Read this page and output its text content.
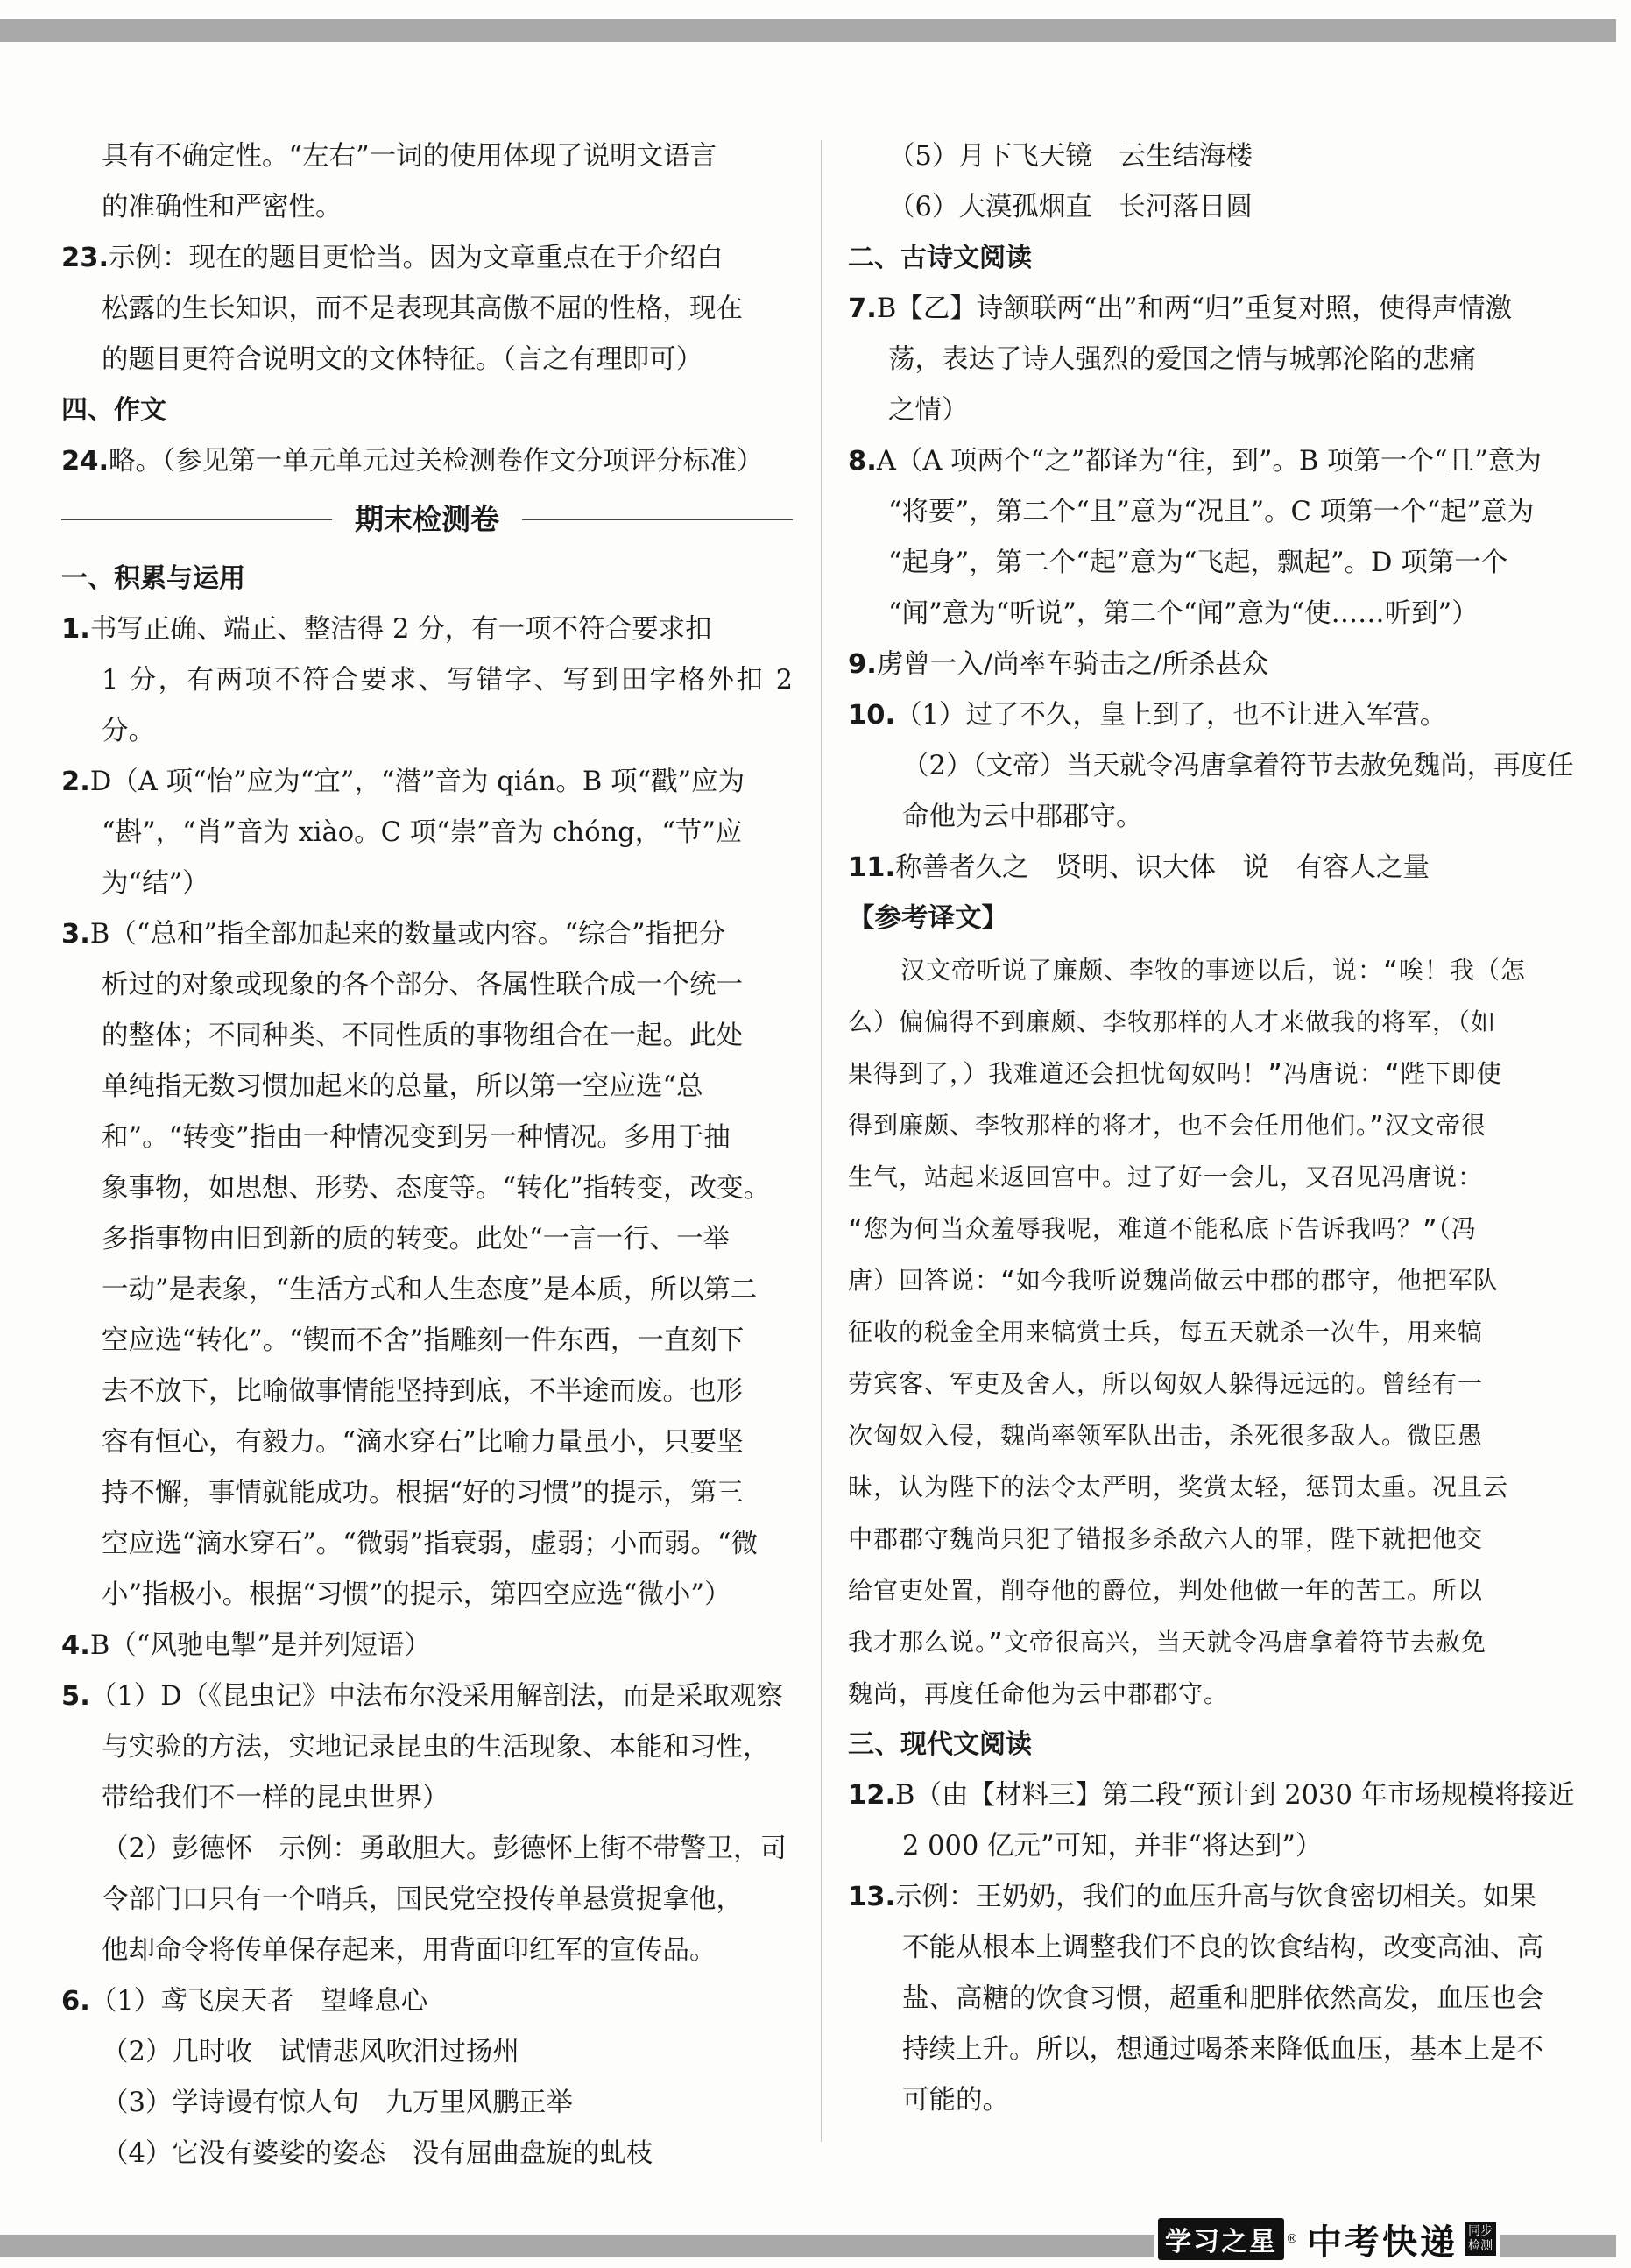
具有不确定性。“左右”一词的使用体现了说明文语言
的准确性和严密性。

23.示例：现在的题目更恰当。因为文章重点在于介绍白
松露的生长知识，而不是表现其高傲不屈的性格，现在
的题目更符合说明文的文体特征。（言之有理即可）

四、作文

24.略。（参见第一单元单元过关检测卷作文分项评分标准）

期末检测卷

一、积累与运用

1.书写正确、端正、整洁得 2 分，有一项不符合要求扣
1 分，有两项不符合要求、写错字、写到田字格外扣 2 分。

2.D（A 项“怡”应为“宜”，“潜”音为 qián。B 项“戳”应为
“斟”，“肖”音为 xiào。C 项“崇”音为 chóng，“节”应
为“结”）

3.B（“总和”指全部加起来的数量或内容。“综合”指把分
析过的对象或现象的各个部分、各属性联合成一个统一
的整体；不同种类、不同性质的事物组合在一起。此处
单纯指无数习惯加起来的总量，所以第一空应选“总
和”。“转变”指由一种情况变到另一种情况。多用于抽
象事物，如思想、形势、态度等。“转化”指转变，改变。
多指事物由旧到新的质的转变。此处“一言一行、一举
一动”是表象，“生活方式和人生态度”是本质，所以第二
空应选“转化”。“锲而不舍”指雕刻一件东西，一直刻下
去不放下，比喻做事情能坚持到底，不半途而废。也形
容有恒心，有毅力。“滴水穿石”比喻力量虽小，只要坚
持不懈，事情就能成功。根据“好的习惯”的提示，第三
空应选“滴水穿石”。“微弱”指衰弱，虚弱；小而弱。“微
小”指极小。根据“习惯”的提示，第四空应选“微小”）

4.B（“风驰电掣”是并列短语）

5.（1）D（《昆虫记》中法布尔没采用解剖法，而是采取观察
与实验的方法，实地记录昆虫的生活现象、本能和习性，
带给我们不一样的昆虫世界）
（2）彭德怀　示例：勇敢胆大。彭德怀上街不带警卫，司
令部门口只有一个哨兵，国民党空投传单悬赏捉拿他，
他却命令将传单保存起来，用背面印红军的宣传品。

6.（1）鸢飞戾天者　望峰息心
（2）几时收　试情悲风吹泪过扬州
（3）学诗谩有惊人句　九万里风鹏正举
（4）它没有婆娑的姿态　没有屈曲盘旋的虬枝

（5）月下飞天镜　云生结海楼
（6）大漠孤烟直　长河落日圆

二、古诗文阅读

7.B【乙】诗颔联两“出”和两“归”重复对照，使得声情激
荡，表达了诗人强烈的爱国之情与城郭沦陷的悲痛
之情）

8.A（A 项两个“之”都译为“往，到”。B 项第一个“且”意为
“将要”，第二个“且”意为“况且”。C 项第一个“起”意为
“起身”，第二个“起”意为“飞起，飘起”。D 项第一个
“闻”意为“听说”，第二个“闻”意为“使……听到”）

9.虏曾一入/尚率车骑击之/所杀甚众

10.（1）过了不久，皇上到了，也不让进入军营。
（2）（文帝）当天就令冯唐拿着符节去赦免魏尚，再度任
命他为云中郡郡守。

11.称善者久之　贤明、识大体　说　有容人之量

【参考译文】

汉文帝听说了廉颇、李牧的事迹以后，说：“唉！我（怎
么）偏偏得不到廉颇、李牧那样的人才来做我的将军，（如
果得到了，）我难道还会担忧匈奴吗！”冯唐说：“陛下即使
得到廉颇、李牧那样的将才，也不会任用他们。”汉文帝很
生气，站起来返回宫中。过了好一会儿，又召见冯唐说：
“您为何当众羞辱我呢，难道不能私底下告诉我吗？”（冯
唐）回答说：“如今我听说魏尚做云中郡的郡守，他把军队
征收的税金全用来犒赏士兵，每五天就杀一次牛，用来犒
劳宾客、军吏及舍人，所以匈奴人躲得远远的。曾经有一
次匈奴入侵，魏尚率领军队出击，杀死很多敌人。微臣愚
昧，认为陛下的法令太严明，奖赏太轻，惩罚太重。况且云
中郡郡守魏尚只犯了错报多杀敌六人的罪，陛下就把他交
给官吏处置，削夺他的爵位，判处他做一年的苦工。所以
我才那么说。”文帝很高兴，当天就令冯唐拿着符节去赦免
魏尚，再度任命他为云中郡郡守。

三、现代文阅读

12.B（由【材料三】第二段“预计到 2030 年市场规模将接近
2 000 亿元”可知，并非“将达到”）

13.示例：王奶奶，我们的血压升高与饮食密切相关。如果
不能从根本上调整我们不良的饮食结构，改变高油、高
盐、高糖的饮食习惯，超重和肥胖依然高发，血压也会
持续上升。所以，想通过喝茶来降低血压，基本上是不
可能的。

学习之星 ® 中考快递 同步
检测
